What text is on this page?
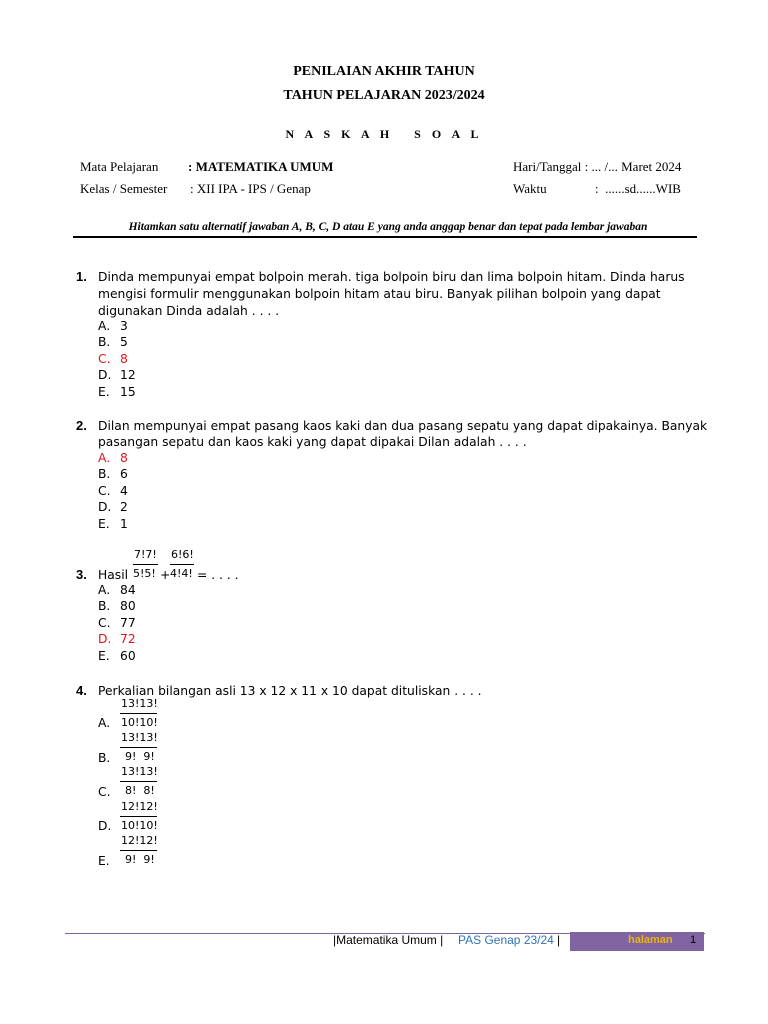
PENILAIAN AKHIR TAHUN
TAHUN PELAJARAN 2023/2024
N A S K A H   S O A L
Mata Pelajaran : MATEMATIKA UMUM
Kelas / Semester : XII IPA - IPS / Genap
Hari/Tanggal : ... /... Maret 2024
Waktu	:  ......sd......WIB
Hitamkan satu alternatif jawaban A, B, C, D atau E yang anda anggap benar dan tepat pada lembar jawaban
1. Dinda mempunyai empat bolpoin merah. tiga bolpoin biru dan lima bolpoin hitam. Dinda harus
mengisi formulir menggunakan bolpoin hitam atau biru. Banyak pilihan bolpoin yang dapat
digunakan Dinda adalah . . . .
A. 3
B. 5
C. 8
D. 12
E. 15
2. Dilan mempunyai empat pasang kaos kaki dan dua pasang sepatu yang dapat dipakainya. Banyak
pasangan sepatu dan kaos kaki yang dapat dipakai Dilan adalah . . . .
A. 8
B. 6
C. 4
D. 2
E. 1
3. Hasil
7!7!
5!5! +
6!6!
4!4! = . . . .
A. 84
B. 80
C. 77
D. 72
E. 60
4. Perkalian bilangan asli 13 x 12 x 11 x 10 dapat dituliskan . . . .
A.
13!13!
10!10!
B.
13!13!
9!  9!
C.
13!13!
8!  8!
D.
12!12!
10!10!
E.
12!12!
9!  9!
|Matematika Umum | PAS Genap 23/24 |	halaman 1
